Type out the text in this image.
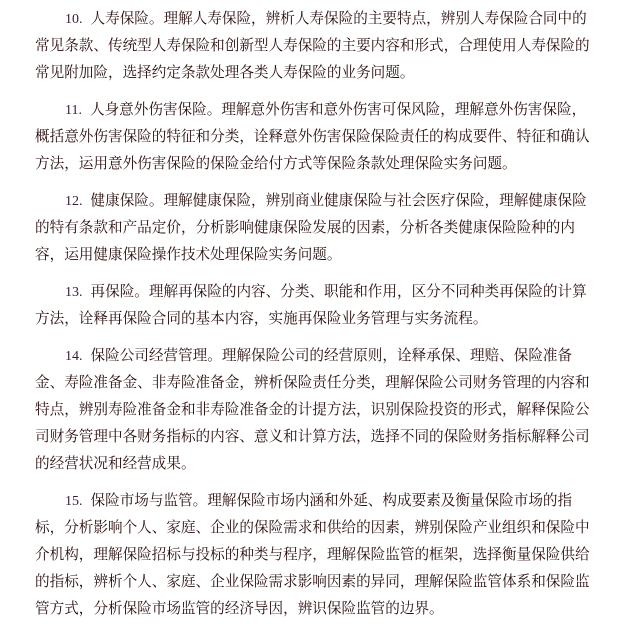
10. 人寿保险。理解人寿保险，辨析人寿保险的主要特点，辨别人寿保险合同中的
常见条款、传统型人寿保险和创新型人寿保险的主要内容和形式，合理使用人寿保险的
常见附加险，选择约定条款处理各类人寿保险的业务问题。
11. 人身意外伤害保险。理解意外伤害和意外伤害可保风险，理解意外伤害保险，
概括意外伤害保险的特征和分类，诠释意外伤害保险保险责任的构成要件、特征和确认
方法，运用意外伤害保险的保险金给付方式等保险条款处理保险实务问题。
12. 健康保险。理解健康保险，辨别商业健康保险与社会医疗保险，理解健康保险
的特有条款和产品定价，分析影响健康保险发展的因素，分析各类健康保险险种的内
容，运用健康保险操作技术处理保险实务问题。
13. 再保险。理解再保险的内容、分类、职能和作用，区分不同种类再保险的计算
方法，诠释再保险合同的基本内容，实施再保险业务管理与实务流程。
14. 保险公司经营管理。理解保险公司的经营原则，诠释承保、理赔、保险准备
金、寿险准备金、非寿险准备金，辨析保险责任分类，理解保险公司财务管理的内容和
特点，辨别寿险准备金和非寿险准备金的计提方法，识别保险投资的形式，解释保险公
司财务管理中各财务指标的内容、意义和计算方法，选择不同的保险财务指标解释公司
的经营状况和经营成果。
15. 保险市场与监管。理解保险市场内涵和外延、构成要素及衡量保险市场的指
标，分析影响个人、家庭、企业的保险需求和供给的因素，辨别保险产业组织和保险中
介机构，理解保险招标与投标的种类与程序，理解保险监管的框架，选择衡量保险供给
的指标，辨析个人、家庭、企业保险需求影响因素的异同，理解保险监管体系和保险监
管方式，分析保险市场监管的经济导因，辨识保险监管的边界。
